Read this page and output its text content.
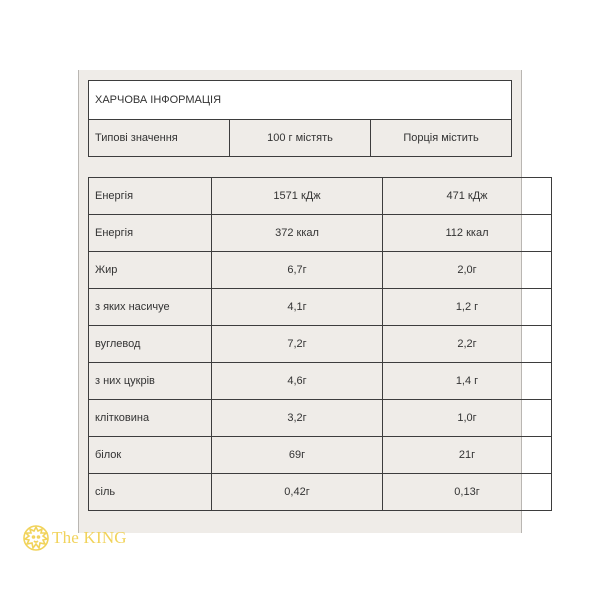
ХАРЧОВА ІНФОРМАЦІЯ
Типові значення	100 г містять	Порція містить
Енергія	1571 кДж	471 кДж
Енергія	372 ккал	112 ккал
Жир	6,7г	2,0г
з яких насичуе	4,1г	1,2 г
вуглевод	7,2г	2,2г
з них цукрів	4,6г	1,4 г
клітковина	3,2г	1,0г
білок	69г	21г
сіль	0,42г	0,13г
The KING
